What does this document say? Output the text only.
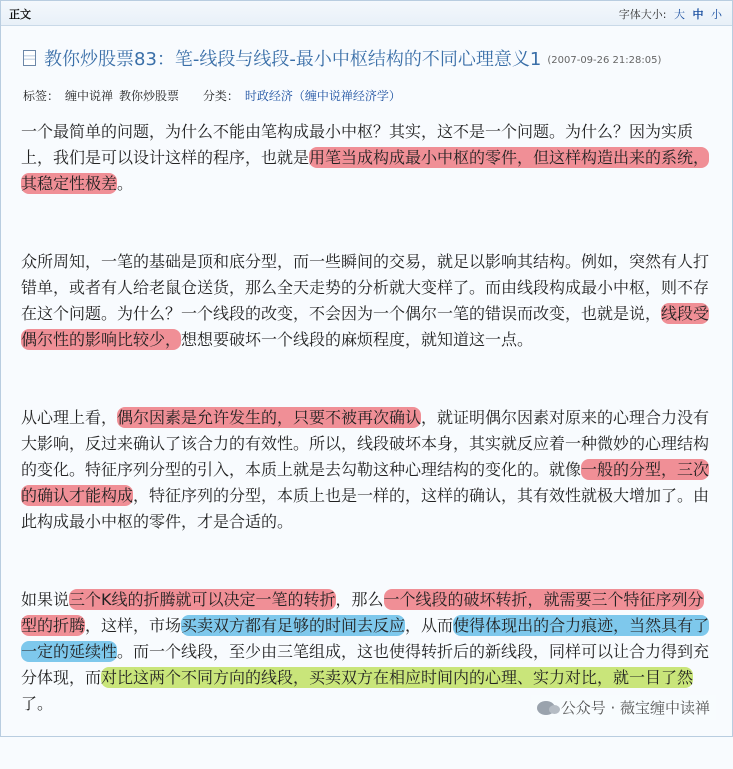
正文	字体大小: 大 中 小
教你炒股票83：笔-线段与线段-最小中枢结构的不同心理意义1 (2007-09-26 21:28:05)
标签： 缠中说禅 教你炒股票 分类： 时政经济（缠中说禅经济学）

一个最简单的问题，为什么不能由笔构成最小中枢？其实，这不是一个问题。为什么？因为实质上，我们是可以设计这样的程序，也就是用笔当成构成最小中枢的零件，但这样构造出来的系统，其稳定性极差。

众所周知，一笔的基础是顶和底分型，而一些瞬间的交易，就足以影响其结构。例如，突然有人打错单，或者有人给老鼠仓送货，那么全天走势的分析就大变样了。而由线段构成最小中枢，则不存在这个问题。为什么？一个线段的改变，不会因为一个偶尔一笔的错误而改变，也就是说，线段受偶尔性的影响比较少，想想要破坏一个线段的麻烦程度，就知道这一点。

从心理上看，偶尔因素是允许发生的，只要不被再次确认，就证明偶尔因素对原来的心理合力没有大影响，反过来确认了该合力的有效性。所以，线段破坏本身，其实就反应着一种微妙的心理结构的变化。特征序列分型的引入，本质上就是去勾勒这种心理结构的变化的。就像一般的分型，三次的确认才能构成，特征序列的分型，本质上也是一样的，这样的确认，其有效性就极大增加了。由此构成最小中枢的零件，才是合适的。

如果说三个K线的折腾就可以决定一笔的转折，那么一个线段的破坏转折，就需要三个特征序列分型的折腾，这样，市场买卖双方都有足够的时间去反应，从而使得体现出的合力痕迹，当然具有了一定的延续性。而一个线段，至少由三笔组成，这也使得转折后的新线段，同样可以让合力得到充分体现，而对比这两个不同方向的线段，买卖双方在相应时间内的心理、实力对比，就一目了然了。	公众号 · 薇宝缠中读禅
